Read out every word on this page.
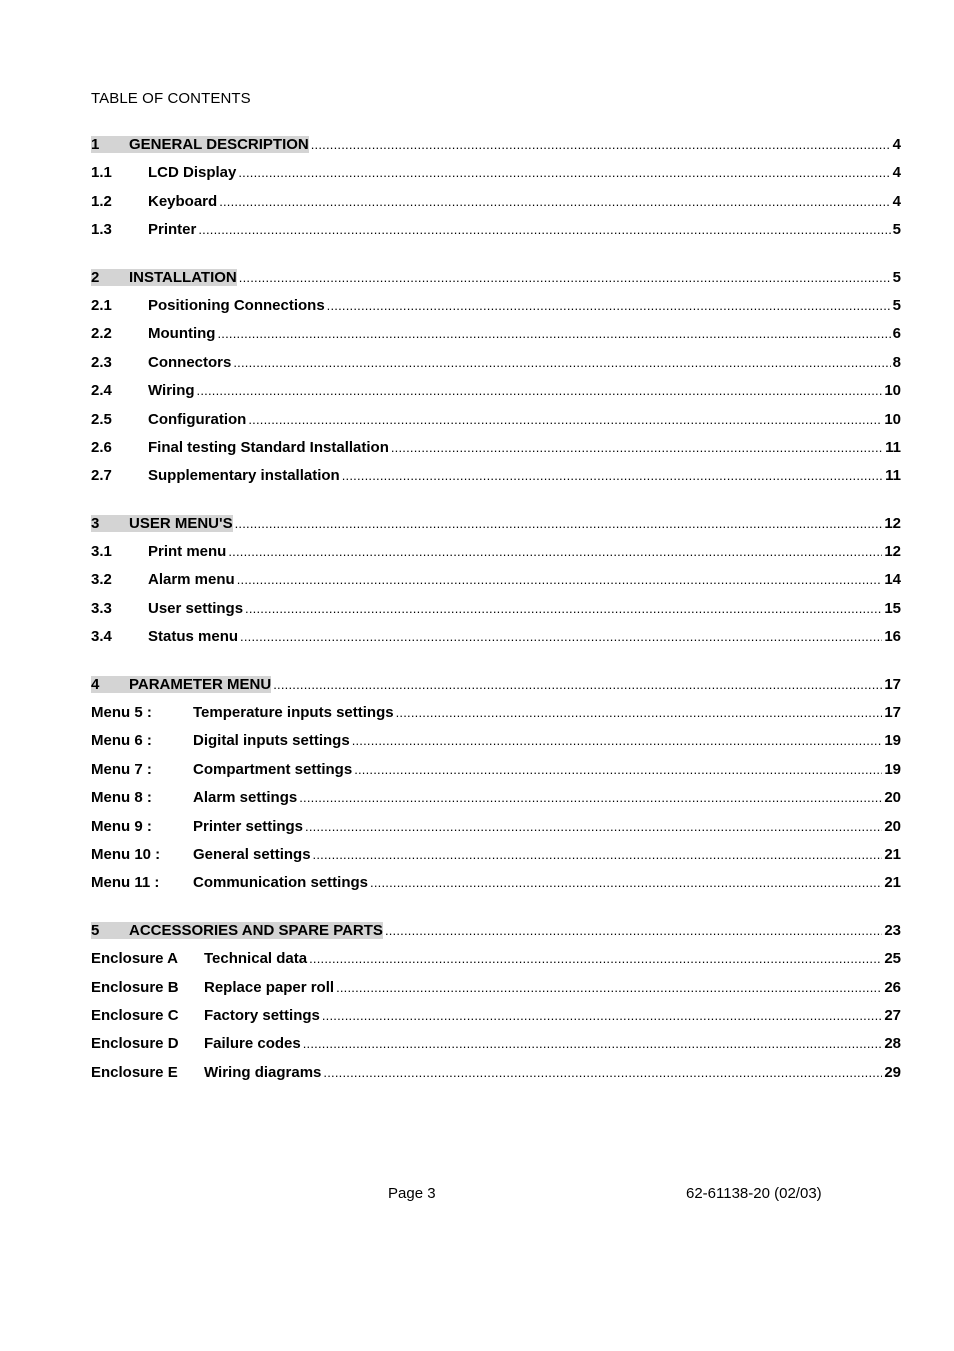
TABLE OF CONTENTS
1	GENERAL DESCRIPTION .....	4
1.1	LCD Display .....	4
1.2	Keyboard .....	4
1.3	Printer .....	5
2	INSTALLATION .....	5
2.1	Positioning Connections .....	5
2.2	Mounting .....	6
2.3	Connectors .....	8
2.4	Wiring .....	10
2.5	Configuration .....	10
2.6	Final testing Standard Installation .....	11
2.7	Supplementary installation .....	11
3	USER MENU'S .....	12
3.1	Print menu .....	12
3.2	Alarm menu .....	14
3.3	User settings .....	15
3.4	Status menu .....	16
4	PARAMETER MENU .....	17
Menu 5 :	Temperature inputs settings .....	17
Menu 6 :	Digital inputs settings .....	19
Menu 7 :	Compartment settings .....	19
Menu 8 :	Alarm settings .....	20
Menu 9 :	Printer settings .....	20
Menu 10 :	General settings .....	21
Menu 11 :	Communication settings .....	21
5	ACCESSORIES AND SPARE PARTS .....	23
Enclosure A	Technical data .....	25
Enclosure B	Replace paper roll .....	26
Enclosure C	Factory settings .....	27
Enclosure D	Failure codes .....	28
Enclosure E	Wiring diagrams .....	29
Page 3	62-61138-20 (02/03)
